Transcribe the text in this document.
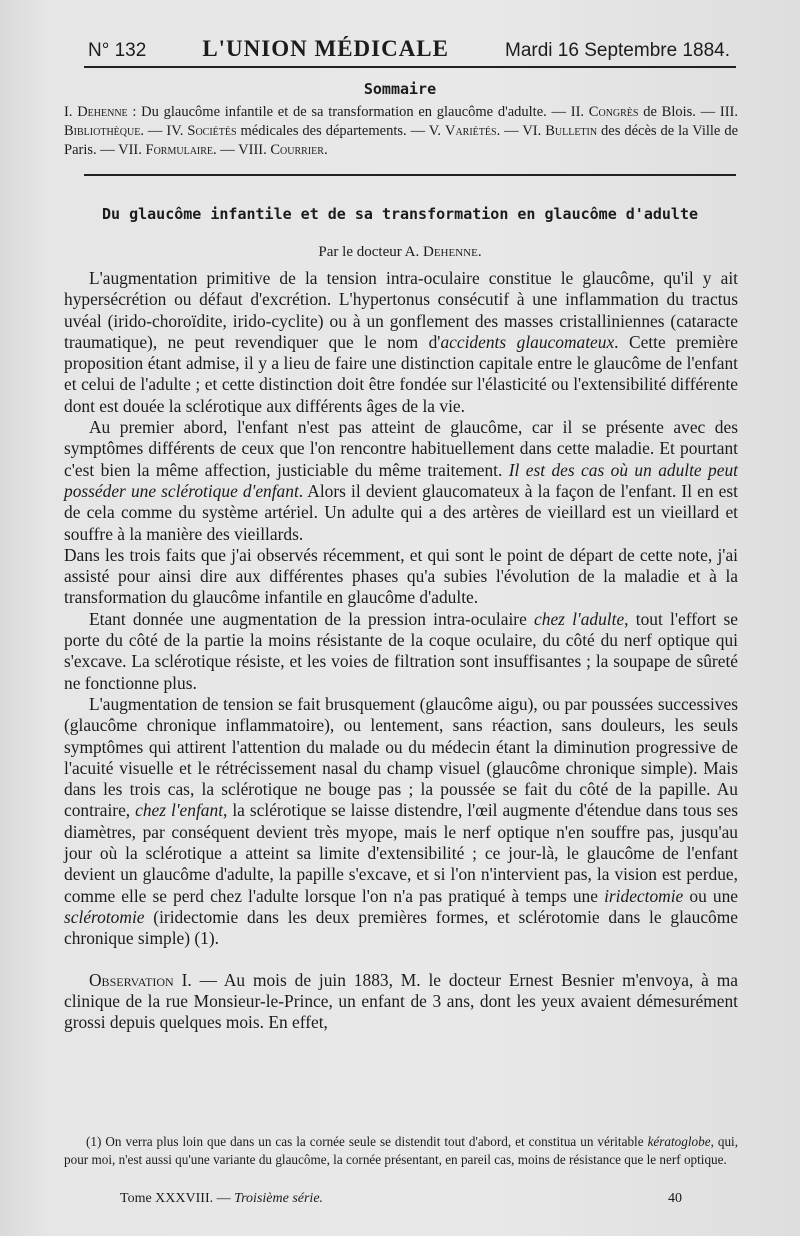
N° 132 L'UNION MÉDICALE	Mardi 16 Septembre 1884.
Sommaire
I. Dehenne : Du glaucôme infantile et de sa transformation en glaucôme d'adulte. — II. Congrès de Blois. — III. Bibliothèque. — IV. Sociétés médicales des départements. — V. Variétés. — VI. Bulletin des décès de la Ville de Paris. — VII. Formulaire. — VIII. Courrier.
Du glaucôme infantile et de sa transformation en glaucôme d'adulte
Par le docteur A. Dehenne.

L'augmentation primitive de la tension intra-oculaire constitue le glaucôme, qu'il y ait hypersécrétion ou défaut d'excrétion. L'hypertonus consécutif à une inflammation du tractus uvéal (irido-choroïdite, irido-cyclite) ou à un gonflement des masses cristalliniennes (cataracte traumatique), ne peut revendiquer que le nom d'accidents glaucomateux. Cette première proposition étant admise, il y a lieu de faire une distinction capitale entre le glaucôme de l'enfant et celui de l'adulte ; et cette distinction doit être fondée sur l'élasticité ou l'extensibilité différente dont est douée la sclérotique aux différents âges de la vie.

Au premier abord, l'enfant n'est pas atteint de glaucôme, car il se présente avec des symptômes différents de ceux que l'on rencontre habituellement dans cette maladie. Et pourtant c'est bien la même affection, justiciable du même traitement. Il est des cas où un adulte peut posséder une sclérotique d'enfant. Alors il devient glaucomateux à la façon de l'enfant. Il en est de cela comme du système artériel. Un adulte qui a des artères de vieillard est un vieillard et souffre à la manière des vieillards.

Dans les trois faits que j'ai observés récemment, et qui sont le point de départ de cette note, j'ai assisté pour ainsi dire aux différentes phases qu'a subies l'évolution de la maladie et à la transformation du glaucôme infantile en glaucôme d'adulte.

Etant donnée une augmentation de la pression intra-oculaire chez l'adulte, tout l'effort se porte du côté de la partie la moins résistante de la coque oculaire, du côté du nerf optique qui s'excave. La sclérotique résiste, et les voies de filtration sont insuffisantes ; la soupape de sûreté ne fonctionne plus.

L'augmentation de tension se fait brusquement (glaucôme aigu), ou par poussées successives (glaucôme chronique inflammatoire), ou lentement, sans réaction, sans douleurs, les seuls symptômes qui attirent l'attention du malade ou du médecin étant la diminution progressive de l'acuité visuelle et le rétrécissement nasal du champ visuel (glaucôme chronique simple). Mais dans les trois cas, la sclérotique ne bouge pas ; la poussée se fait du côté de la papille. Au contraire, chez l'enfant, la sclérotique se laisse distendre, l'œil augmente d'étendue dans tous ses diamètres, par conséquent devient très myope, mais le nerf optique n'en souffre pas, jusqu'au jour où la sclérotique a atteint sa limite d'extensibilité ; ce jour-là, le glaucôme de l'enfant devient un glaucôme d'adulte, la papille s'excave, et si l'on n'intervient pas, la vision est perdue, comme elle se perd chez l'adulte lorsque l'on n'a pas pratiqué à temps une iridectomie ou une sclérotomie (iridectomie dans les deux premières formes, et sclérotomie dans le glaucôme chronique simple) (1).

Observation I. — Au mois de juin 1883, M. le docteur Ernest Besnier m'envoya, à ma clinique de la rue Monsieur-le-Prince, un enfant de 3 ans, dont les yeux avaient démesurément grossi depuis quelques mois. En effet,

(1) On verra plus loin que dans un cas la cornée seule se distendit tout d'abord, et constitua un véritable kératoglobe, qui, pour moi, n'est aussi qu'une variante du glaucôme, la cornée présentant, en pareil cas, moins de résistance que le nerf optique.

Tome XXXVIII. — Troisième série.	40
